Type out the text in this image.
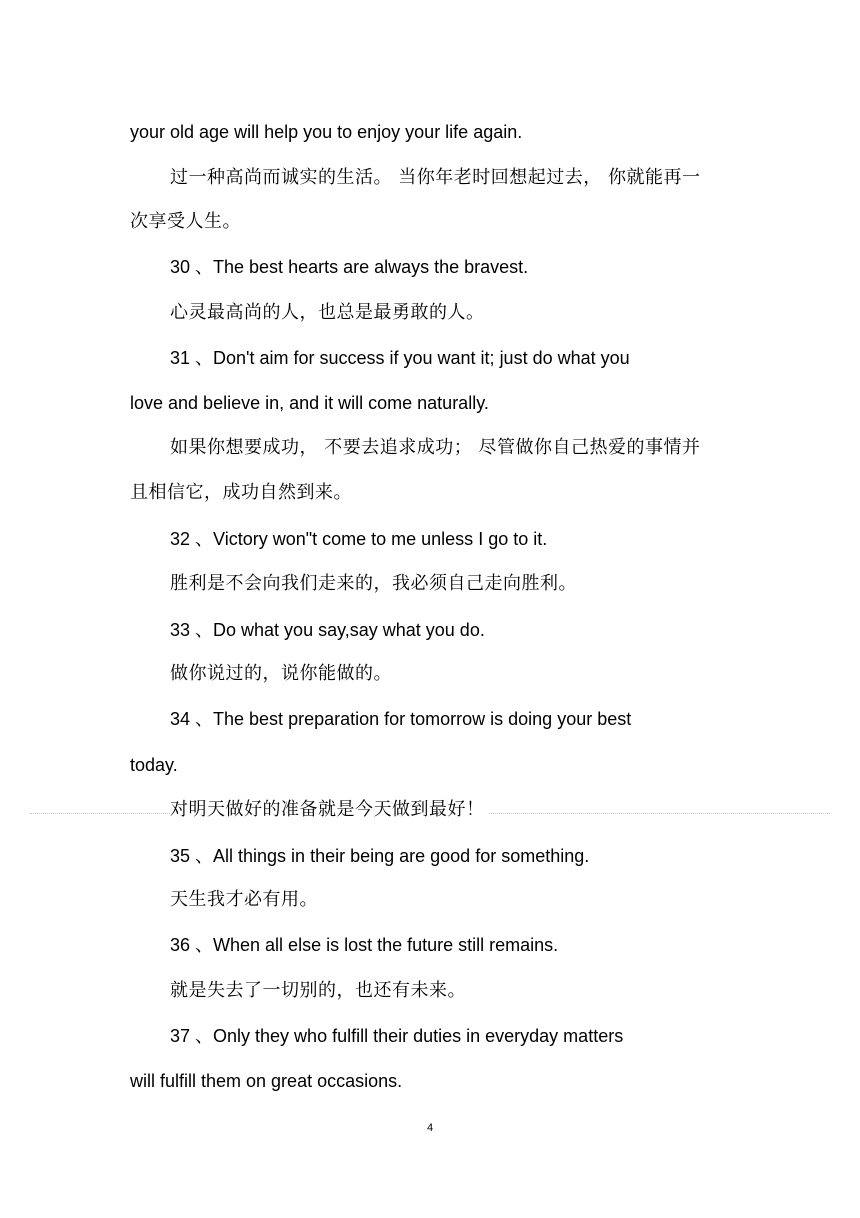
your old age will help you to enjoy your life again.
过一种高尚而诚实的生活。 当你年老时回想起过去， 你就能再一
次享受人生。
30 、The best hearts are always the bravest.
心灵最高尚的人，也总是最勇敢的人。
31 、Don't aim for success if you want it; just do what you
love and believe in, and it will come naturally.
如果你想要成功， 不要去追求成功； 尽管做你自己热爱的事情并
且相信它，成功自然到来。
32 、Victory won"t come to me unless I go to it.
胜利是不会向我们走来的，我必须自己走向胜利。
33 、Do what you say,say what you do.
做你说过的，说你能做的。
34 、The best preparation for tomorrow is doing your best
today.
对明天做好的准备就是今天做到最好！
35 、All things in their being are good for something.
天生我才必有用。
36 、When all else is lost the future still remains.
就是失去了一切别的，也还有未来。
37 、Only they who fulfill their duties in everyday matters
will fulfill them on great occasions.
4
